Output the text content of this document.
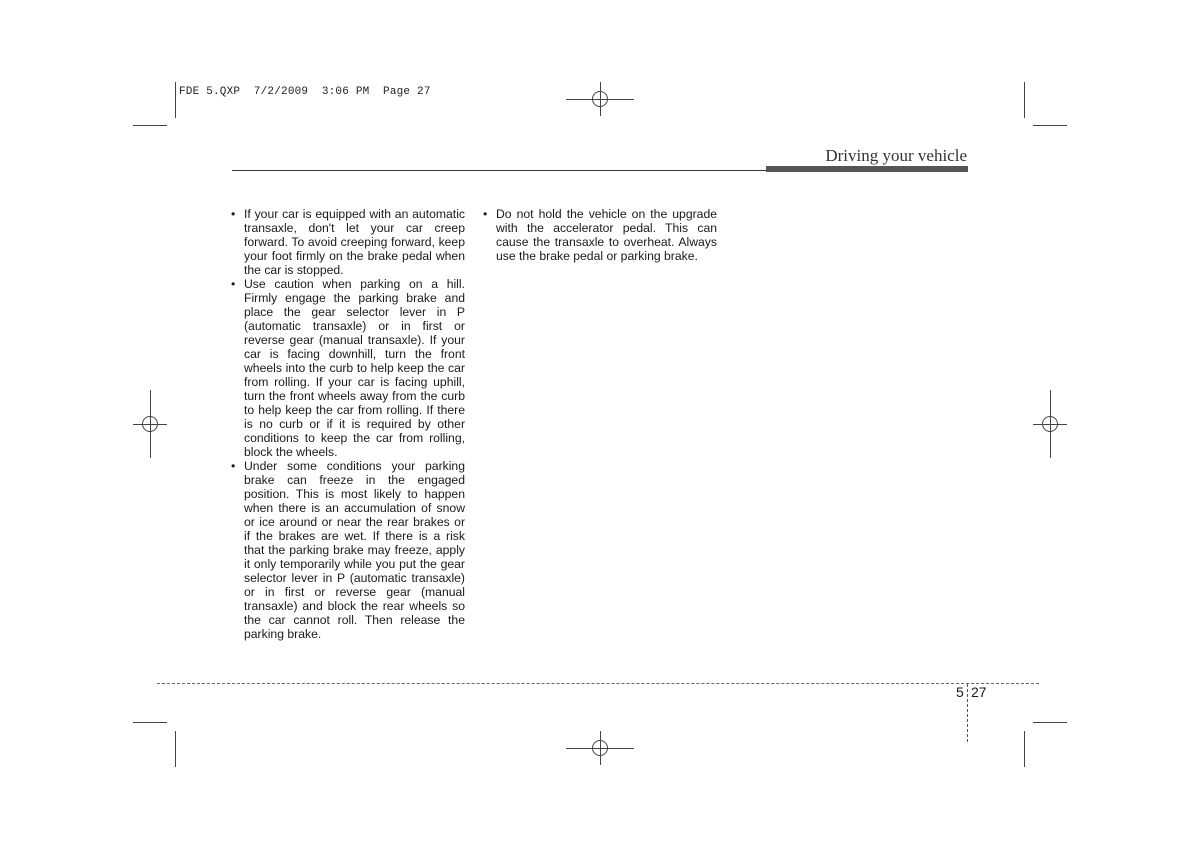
FDE 5.QXP  7/2/2009  3:06 PM  Page 27
Driving your vehicle
• If your car is equipped with an automatic transaxle, don't let your car creep forward. To avoid creeping forward, keep your foot firmly on the brake pedal when the car is stopped.
• Use caution when parking on a hill. Firmly engage the parking brake and place the gear selector lever in P (automatic transaxle) or in first or reverse gear (manual transaxle). If your car is facing downhill, turn the front wheels into the curb to help keep the car from rolling. If your car is facing uphill, turn the front wheels away from the curb to help keep the car from rolling. If there is no curb or if it is required by other conditions to keep the car from rolling, block the wheels.
• Under some conditions your parking brake can freeze in the engaged position. This is most likely to happen when there is an accumulation of snow or ice around or near the rear brakes or if the brakes are wet. If there is a risk that the parking brake may freeze, apply it only temporarily while you put the gear selector lever in P (automatic transaxle) or in first or reverse gear (manual transaxle) and block the rear wheels so the car cannot roll. Then release the parking brake.
• Do not hold the vehicle on the upgrade with the accelerator pedal. This can cause the transaxle to overheat. Always use the brake pedal or parking brake.
5 27
